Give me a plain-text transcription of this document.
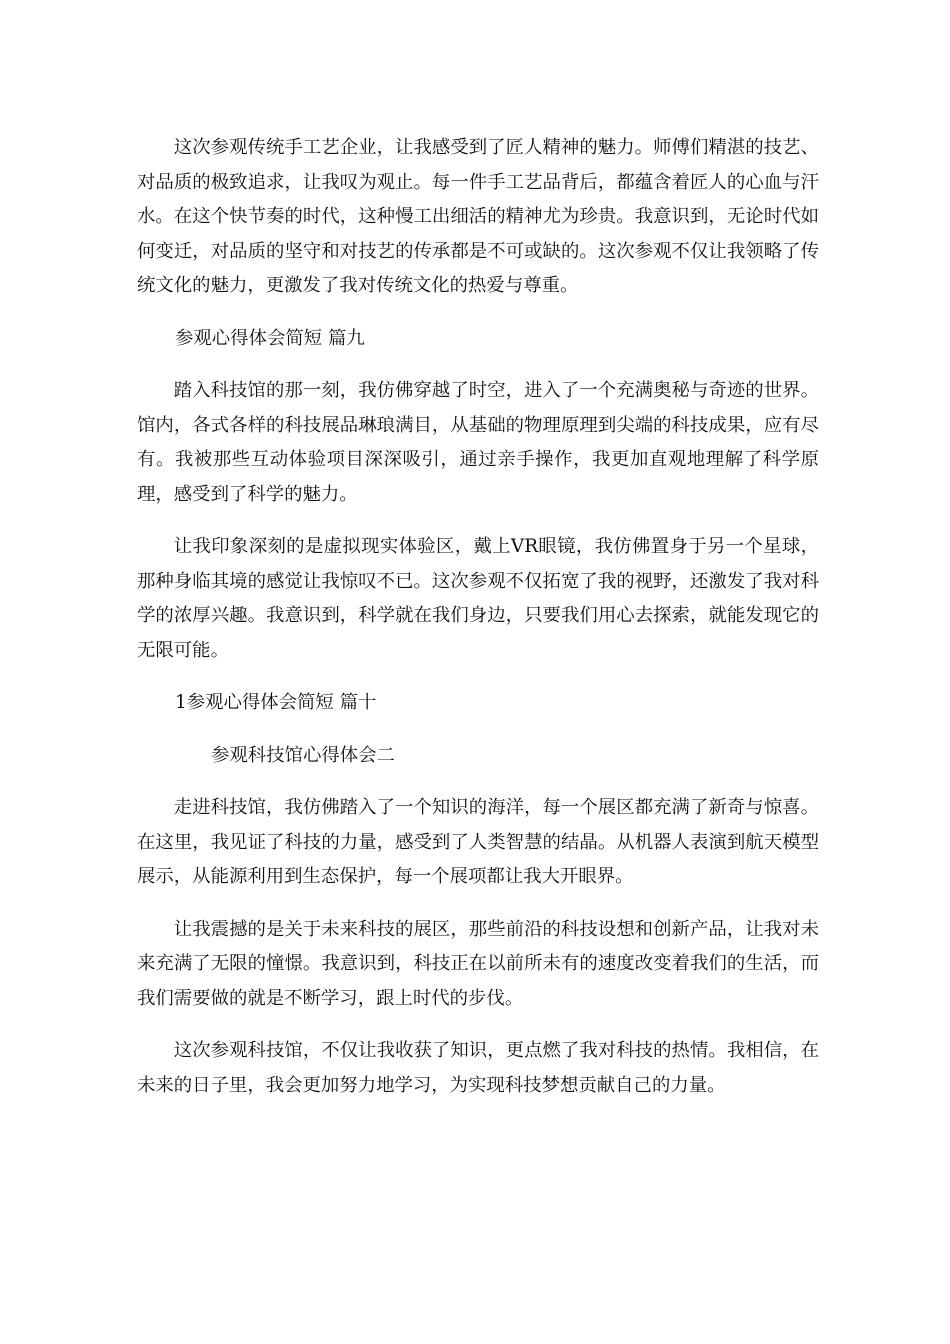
这次参观传统手工艺企业，让我感受到了匠人精神的魅力。师傅们精湛的技艺、对品质的极致追求，让我叹为观止。每一件手工艺品背后，都蕴含着匠人的心血与汗水。在这个快节奏的时代，这种慢工出细活的精神尤为珍贵。我意识到，无论时代如何变迁，对品质的坚守和对技艺的传承都是不可或缺的。这次参观不仅让我领略了传统文化的魅力，更激发了我对传统文化的热爱与尊重。

参观心得体会简短 篇九

踏入科技馆的那一刻，我仿佛穿越了时空，进入了一个充满奥秘与奇迹的世界。馆内，各式各样的科技展品琳琅满目，从基础的物理原理到尖端的科技成果，应有尽有。我被那些互动体验项目深深吸引，通过亲手操作，我更加直观地理解了科学原理，感受到了科学的魅力。

让我印象深刻的是虚拟现实体验区，戴上VR眼镜，我仿佛置身于另一个星球，那种身临其境的感觉让我惊叹不已。这次参观不仅拓宽了我的视野，还激发了我对科学的浓厚兴趣。我意识到，科学就在我们身边，只要我们用心去探索，就能发现它的无限可能。

1参观心得体会简短 篇十

参观科技馆心得体会二

走进科技馆，我仿佛踏入了一个知识的海洋，每一个展区都充满了新奇与惊喜。在这里，我见证了科技的力量，感受到了人类智慧的结晶。从机器人表演到航天模型展示，从能源利用到生态保护，每一个展项都让我大开眼界。

让我震撼的是关于未来科技的展区，那些前沿的科技设想和创新产品，让我对未来充满了无限的憧憬。我意识到，科技正在以前所未有的速度改变着我们的生活，而我们需要做的就是不断学习，跟上时代的步伐。

这次参观科技馆，不仅让我收获了知识，更点燃了我对科技的热情。我相信，在未来的日子里，我会更加努力地学习，为实现科技梦想贡献自己的力量。
